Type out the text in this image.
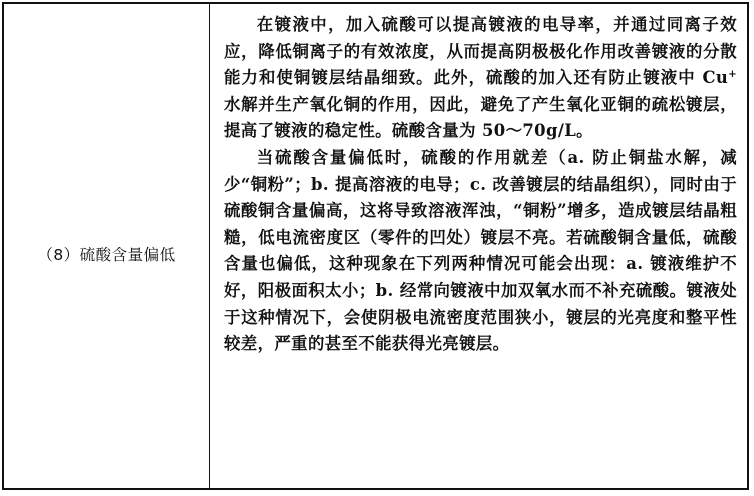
（8）硫酸含量偏低

在镀液中，加入硫酸可以提高镀液的电导率，并通过同离子效应，降低铜离子的有效浓度，从而提高阴极极化作用改善镀液的分散能力和使铜镀层结晶细致。此外，硫酸的加入还有防止镀液中 Cu+ 水解并生产氧化铜的作用，因此，避免了产生氧化亚铜的疏松镀层，提高了镀液的稳定性。硫酸含量为 50～70g/L。

当硫酸含量偏低时，硫酸的作用就差（a. 防止铜盐水解，减少“铜粉”；b. 提高溶液的电导；c. 改善镀层的结晶组织），同时由于硫酸铜含量偏高，这将导致溶液浑浊，“铜粉”增多，造成镀层结晶粗糙，低电流密度区（零件的凹处）镀层不亮。若硫酸铜含量低，硫酸含量也偏低，这种现象在下列两种情况可能会出现：a. 镀液维护不好，阳极面积太小；b. 经常向镀液中加双氧水而不补充硫酸。镀液处于这种情况下，会使阴极电流密度范围狭小，镀层的光亮度和整平性较差，严重的甚至不能获得光亮镀层。
